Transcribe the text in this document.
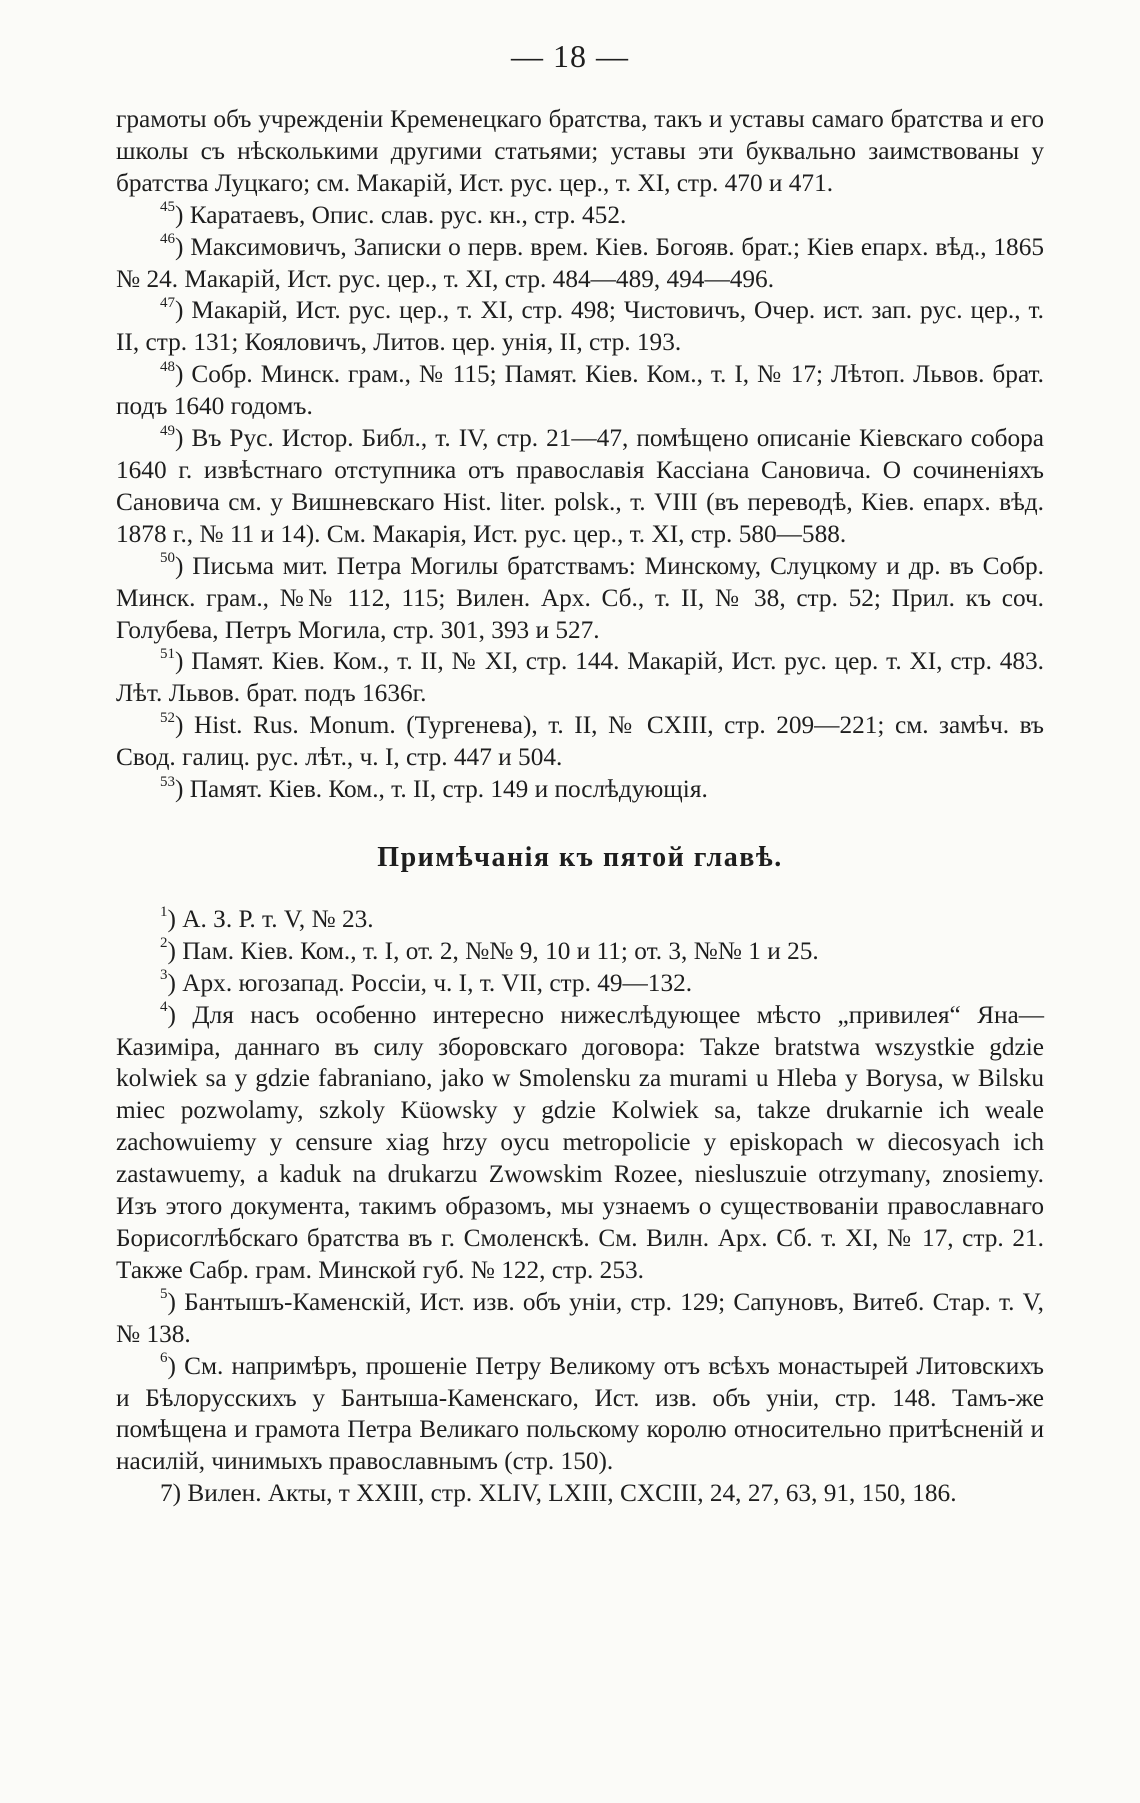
— 18 —

грамоты объ учрежденіи Кременецкаго братства, такъ и уставы самаго братства и его школы съ нѣсколькими другими статьями; уставы эти буквально заимствованы у братства Луцкаго; см. Макарій, Ист. рус. цер., т. XI, стр. 470 и 471.

$^{45}$) Каратаевъ, Опис. слав. рус. кн., стр. 452.

$^{46}$) Максимовичъ, Записки о перв. врем. Кіев. Богояв. брат.; Кіев епарх. вѣд., 1865 № 24. Макарій, Ист. рус. цер., т. XI, стр. 484—489, 494—496.

$^{47}$) Макарій, Ист. рус. цер., т. XI, стр. 498; Чистовичъ, Очер. ист. зап. рус. цер., т. II, стр. 131; Кояловичъ, Литов. цер. унія, II, стр. 193.

$^{48}$) Собр. Минск. грам., № 115; Памят. Кіев. Ком., т. I, № 17; Лѣтоп. Львов. брат. подъ 1640 годомъ.

$^{49}$) Въ Рус. Истор. Библ., т. IV, стр. 21—47, помѣщено описаніе Кіевскаго собора 1640 г. извѣстнаго отступника отъ православія Кассіана Сановича. О сочиненіяхъ Сановича см. у Вишневскаго Hist. liter. polsk., т. VIII (въ переводѣ, Кіев. епарх. вѣд. 1878 г., № 11 и 14). См. Макарія, Ист. рус. цер., т. XI, стр. 580—588.

$^{50}$) Письма мит. Петра Могилы братствамъ: Минскому, Слуцкому и др. въ Собр. Минск. грам., №№ 112, 115; Вилен. Арх. Сб., т. II, № 38, стр. 52; Прил. къ соч. Голубева, Петръ Могила, стр. 301, 393 и 527.

$^{51}$) Памят. Кіев. Ком., т. II, № XI, стр. 144. Макарій, Ист. рус. цер. т. XI, стр. 483. Лѣт. Львов. брат. подъ 1636г.

$^{52}$) Hist. Rus. Monum. (Тургенева), т. II, № CXIII, стр. 209—221; см. замѣч. въ Свод. галиц. рус. лѣт., ч. I, стр. 447 и 504.

$^{53}$) Памят. Кіев. Ком., т. II, стр. 149 и послѣдующія.

Примѣчанія къ пятой главѣ.

$^1$) А. З. Р. т. V, № 23.

$^2$) Пам. Кіев. Ком., т. I, от. 2, №№ 9, 10 и 11; от. 3, №№ 1 и 25.

$^3$) Арх. югозапад. Россіи, ч. I, т. VII, стр. 49—132.

$^4$) Для насъ особенно интересно нижеслѣдующее мѣсто „привилея“ Яна—Казиміра, даннаго въ силу зборовскаго договора: Takze bratstwa wszystkie gdzie kolwiek sa y gdzie fabraniano, jako w Smolensku za murami u Hleba y Borysa, w Bilsku miec pozwolamy, szkoly Küowsky y gdzie Kolwiek sa, takze drukarnie ich weale zachowuiemy y censure xiag hrzy oycu metropolicie y episkopach w diecosyach ich zastawuemy, a kaduk na drukarzu Zwowskim Rozee, niesluszuie otrzymany, znosiemy. Изъ этого документа, такимъ образомъ, мы узнаемъ о существованіи православнаго Борисоглѣбскаго братства въ г. Смоленскѣ. См. Вилн. Арх. Сб. т. XI, № 17, стр. 21. Также Сабр. грам. Минской губ. № 122, стр. 253.

$^5$) Бантышъ-Каменскій, Ист. изв. объ уніи, стр. 129; Сапуновъ, Витеб. Стар. т. V, № 138.

$^6$) См. напримѣръ, прошеніе Петру Великому отъ всѣхъ монастырей Литовскихъ и Бѣлорусскихъ у Бантыша-Каменскаго, Ист. изв. объ уніи, стр. 148. Тамъ-же помѣщена и грамота Петра Великаго польскому королю относительно притѣсненій и насилій, чинимыхъ православнымъ (стр. 150).

7) Вилен. Акты, т XXIII, стр. XLIV, LXIII, CXCIII, 24, 27, 63, 91, 150, 186.
